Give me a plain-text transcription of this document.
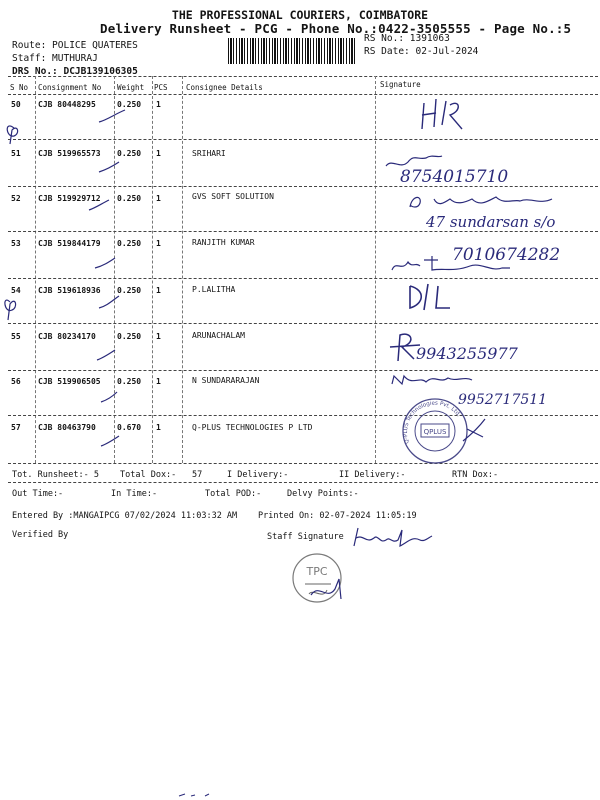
THE PROFESSIONAL COURIERS, COIMBATORE
Delivery Runsheet - PCG - Phone No.:0422-3505555 - Page No.:5
Route: POLICE QUATERES
Staff: MUTHURAJ
DRS No.: DCJB139106305
RS No.: 1391063
RS Date: 02-Jul-2024
S No Consignment No Weight PCS Consignee Details	Signature
50 CJB 80448295	0.250 1
51 CJB 519965573 0.250 1	SRIHARI
52 CJB 519929712 0.250 1	GVS SOFT SOLUTION
53 CJB 519844179 0.250 1	RANJITH KUMAR
54 CJB 519618936 0.250 1	P.LALITHA
55 CJB 80234170	0.250 1	ARUNACHALAM
56 CJB 519906505 0.250 1	N SUNDARARAJAN
57 CJB 80463790	0.670 1	Q-PLUS TECHNOLOGIES P LTD
8754015710
47 sundarsan s/o
7010674282
9943255977
9952717511
QPLUS
Q-PLUS Technologies Pvt. Ltd.
Tot. Runsheet:- 5 Total Dox:- 57	I Delivery:-	II Delivery:-	RTN Dox:-
Out Time:-	In Time:-	Total POD:-	Delvy Points:-
Entered By :MANGAIPCG 07/02/2024 11:03:32 AM Printed On: 02-07-2024 11:05:19
Verified By	Staff Signature
TPC
